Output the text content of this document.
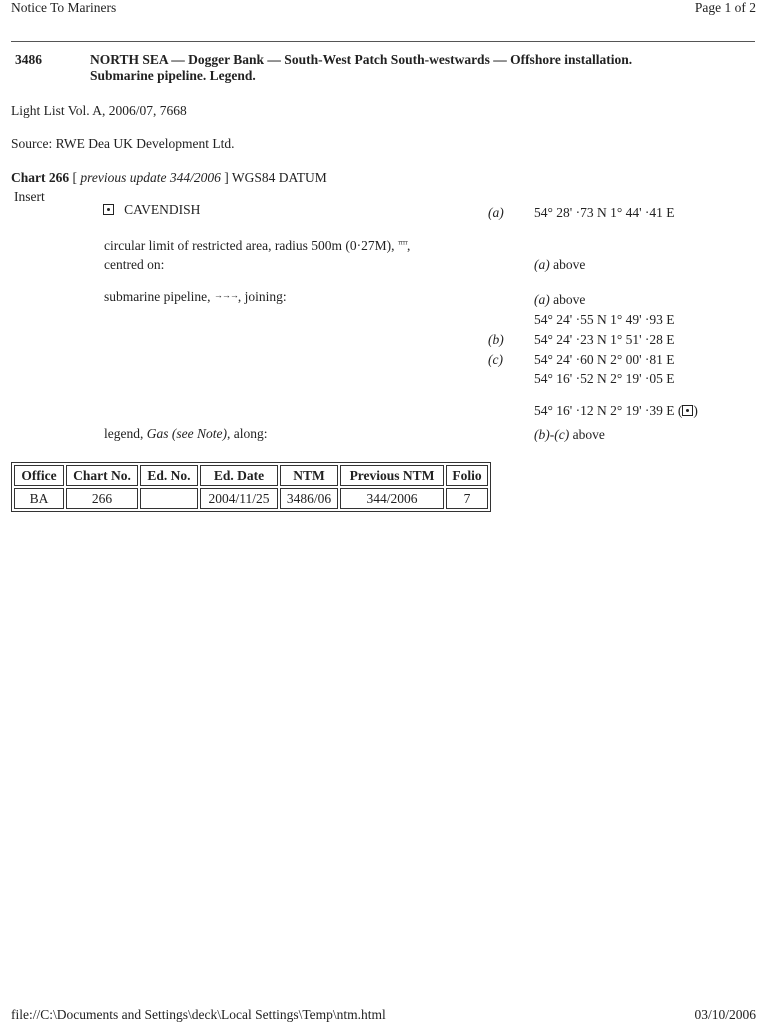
Notice To Mariners	Page 1 of 2
3486	NORTH SEA — Dogger Bank — South-West Patch South-westwards — Offshore installation.
Submarine pipeline. Legend.
Light List Vol. A, 2006/07, 7668
Source: RWE Dea UK Development Ltd.
Chart 266 [ previous update 344/2006 ] WGS84 DATUM
Insert
CAVENDISH	(a) 54° 28' ·73 N 1° 44' ·41 E
circular limit of restricted area, radius 500m (0·27M), $^{ᵀᵀᵀᵀ}$,
centred on:	(a) above
submarine pipeline, →→→, joining:	(a) above
54° 24' ·55 N 1° 49' ·93 E
(b) 54° 24' ·23 N 1° 51' ·28 E
(c) 54° 24' ·60 N 2° 00' ·81 E
54° 16' ·52 N 2° 19' ·05 E
54° 16' ·12 N 2° 19' ·39 E ( )
legend, Gas (see Note), along:	(b)-(c) above
Office	Chart No.	Ed. No.	Ed. Date	NTM	Previous NTM	Folio
BA	266		2004/11/25	3486/06	344/2006	7
file://C:\Documents and Settings\deck\Local Settings\Temp\ntm.html	03/10/2006
